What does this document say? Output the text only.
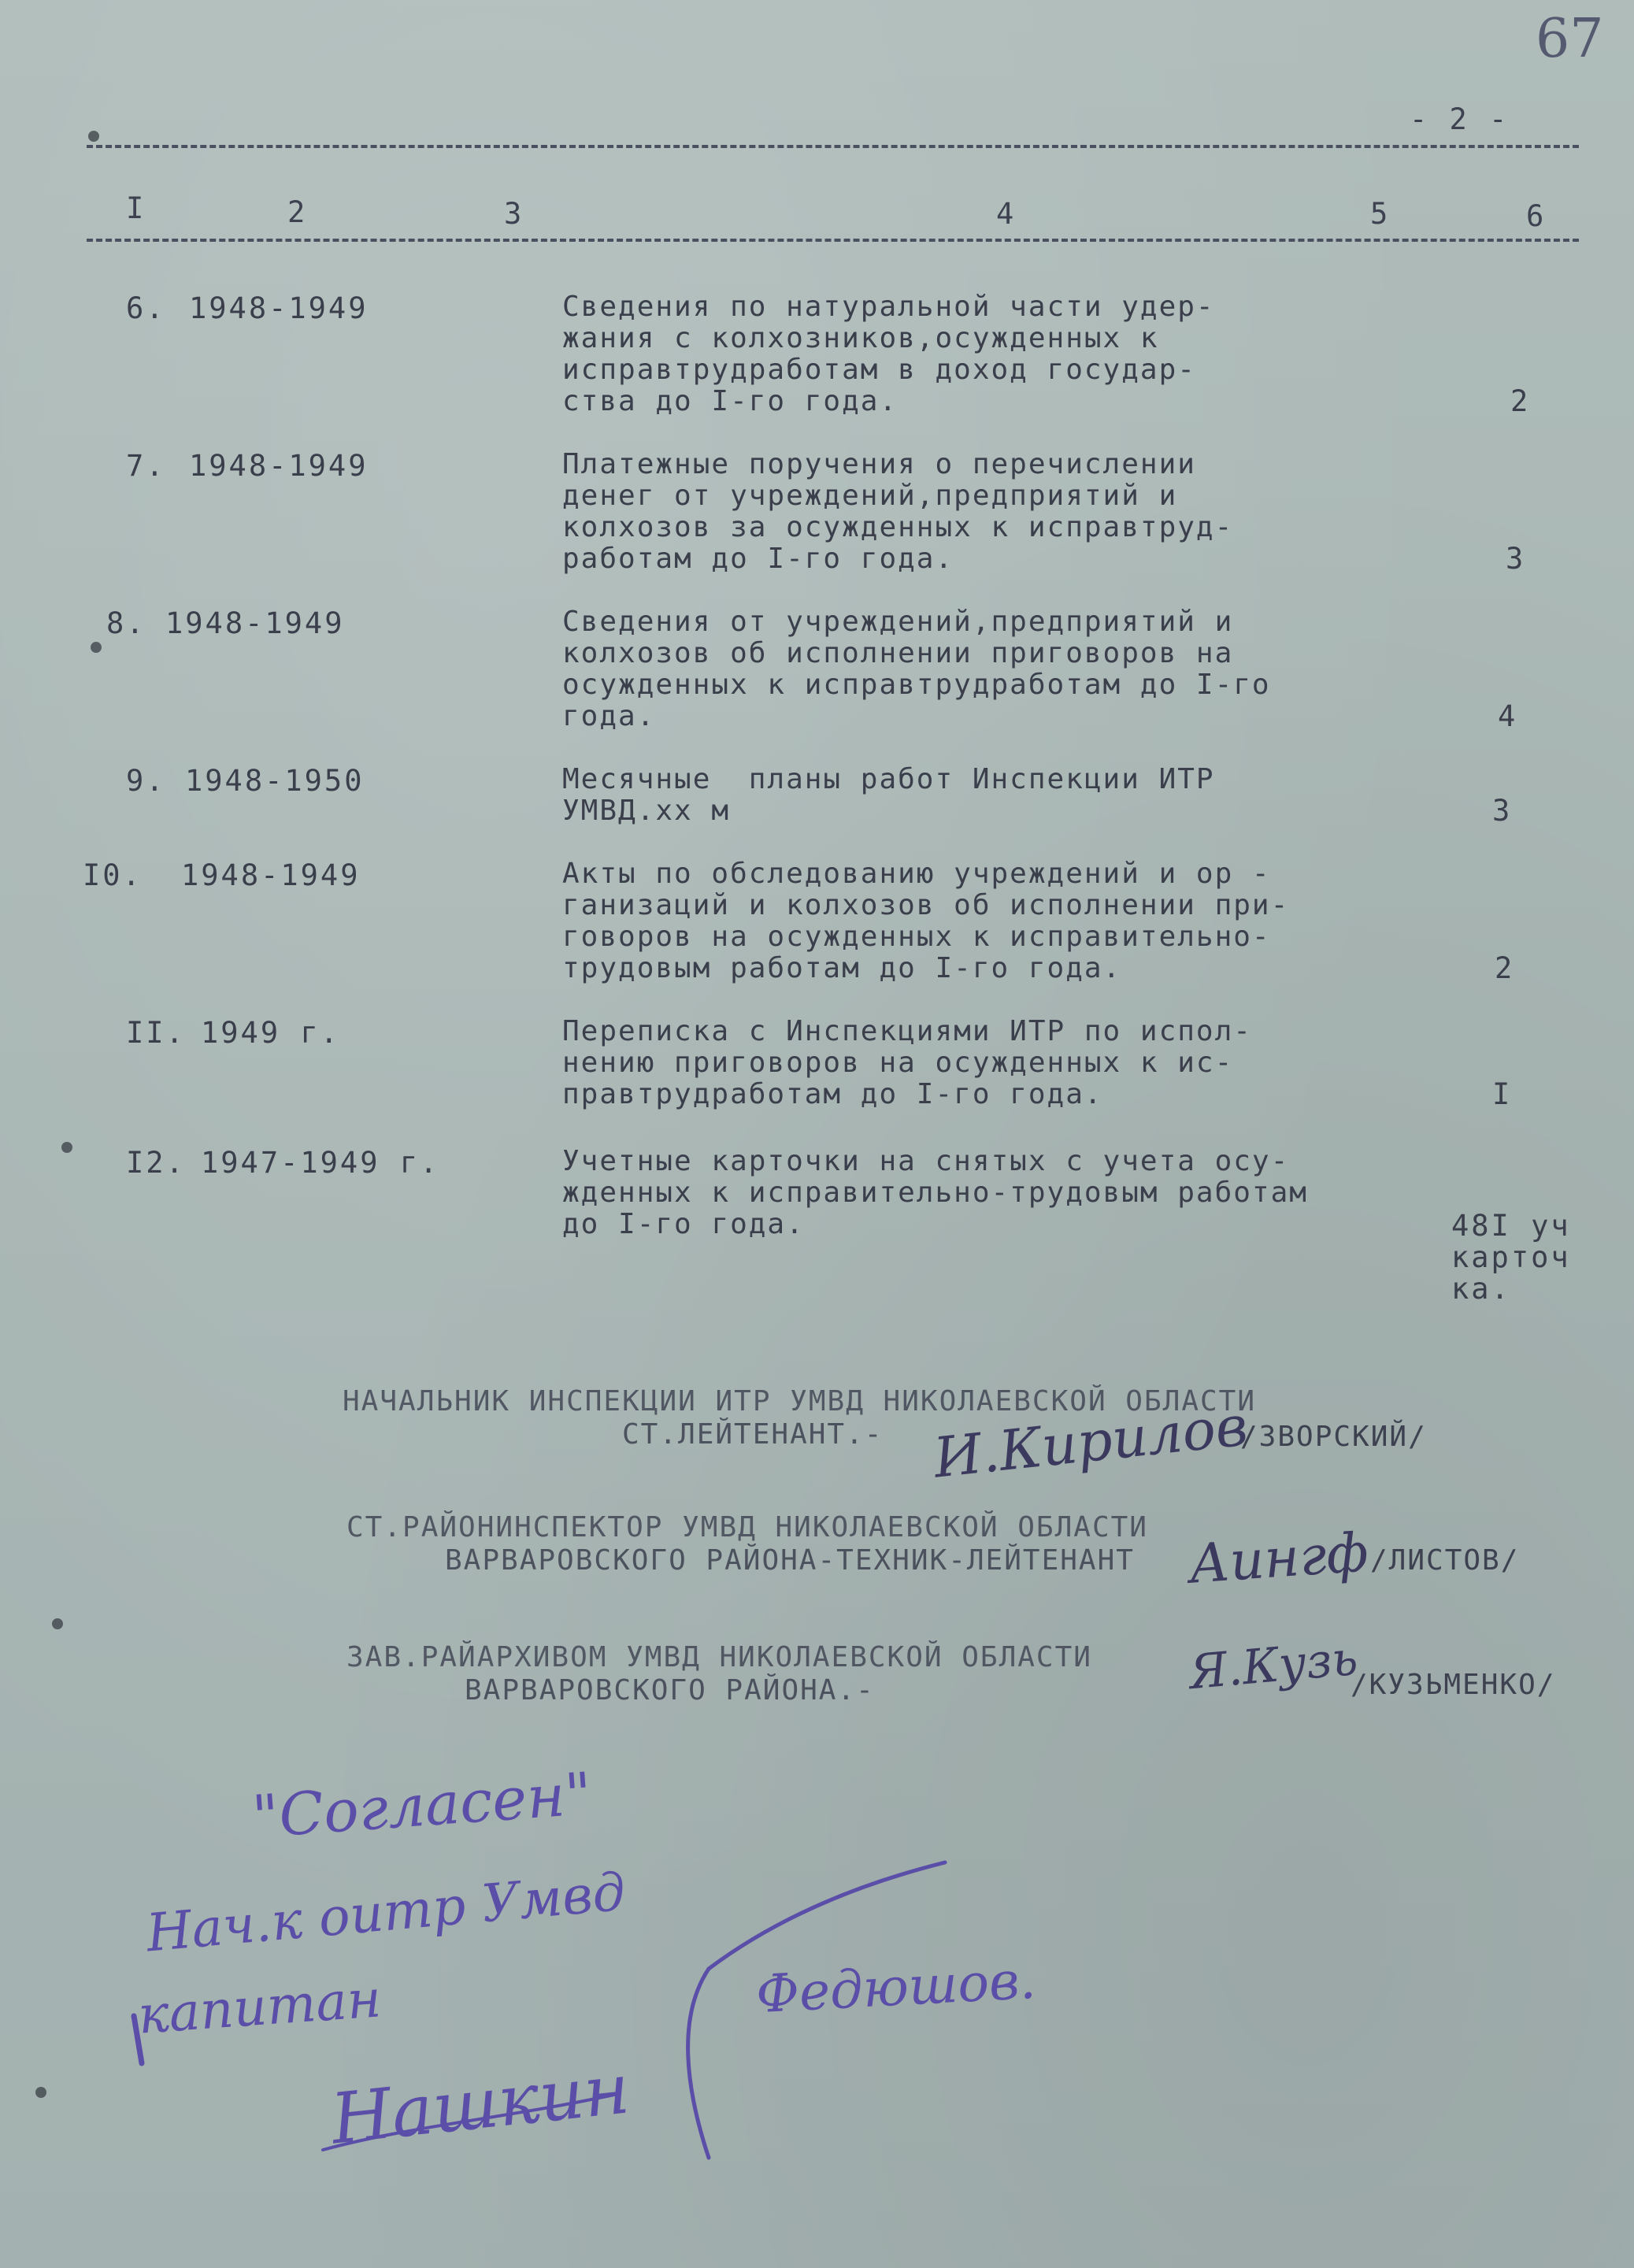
67
- 2 -
I	2	3	4	5	6
6. 1948-1949	Сведения по натуральной части удер-
жания с колхозников,осужденных к
исправтрудработам в доход государ-
ства до I-го года.	2
7. 1948-1949	Платежные поручения о перечислении
денег от учреждений,предприятий и
колхозов за осужденных к исправтруд-
работам до I-го года.	3
8. 1948-1949	Сведения от учреждений,предприятий и
колхозов об исполнении приговоров на
осужденных к исправтрудработам до I-го
года.	4
9. 1948-1950	Месячные  планы работ Инспекции ИТР
УМВД.хх м	3
I0. 1948-1949	Акты по обследованию учреждений и ор -
ганизаций и колхозов об исполнении при-
говоров на осужденных к исправительно-
трудовым работам до I-го года.	2
II. 1949 г.	Переписка с Инспекциями ИТР по испол-
нению приговоров на осужденных к ис-
правтрудработам до I-го года.	I
I2. 1947-1949 г.	Учетные карточки на снятых с учета осу-
жденных к исправительно-трудовым работам
до I-го года.	48I уч
карточ
ка.
НАЧАЛЬНИК ИНСПЕКЦИИ ИТР УМВД НИКОЛАЕВСКОЙ ОБЛАСТИ
СТ.ЛЕЙТЕНАНТ.-	/ЗВОРСКИЙ/
И.Кирилов
СТ.РАЙОНИНСПЕКТОР УМВД НИКОЛАЕВСКОЙ ОБЛАСТИ
ВАРВАРОВСКОГО РАЙОНА-ТЕХНИК-ЛЕЙТЕНАНТ	/ЛИСТОВ/
Аингф
ЗАВ.РАЙАРХИВОМ УМВД НИКОЛАЕВСКОЙ ОБЛАСТИ
ВАРВАРОВСКОГО РАЙОНА.-	/КУЗЬМЕНКО/
Я.Кузь
"Согласен"
Нач.к оитр Умвд
капитан	Федюшов.
Нашкин
